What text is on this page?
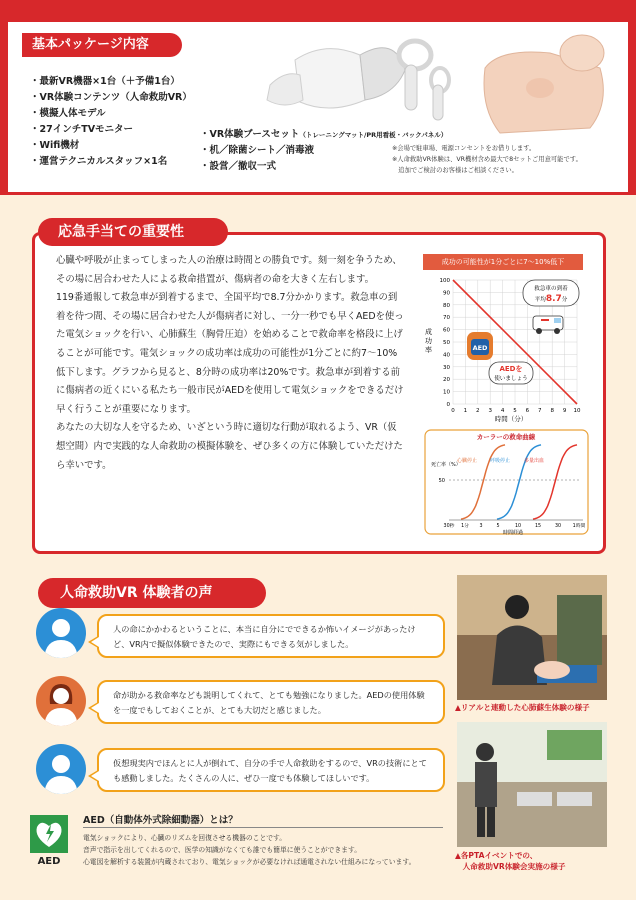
基本パッケージ内容
・最新VR機器×1台（＋予備1台）
・VR体験コンテンツ（人命救助VR）
・模擬人体モデル
・27インチTVモニター
・Wifi機材
・運営テクニカルスタッフ×1名
・VR体験ブースセット（トレーニングマット/PR用看板・バックパネル）
・机／除菌シート／消毒液
・設営／撤収一式
※会場で駐車場、電源コンセントをお借りします。
※人命救助VR体験は、VR機材含め最大で8セットご用意可能です。
　追加でご検討のお客様はご相談ください。
応急手当ての重要性

心臓や呼吸が止まってしまった人の治療は時間との勝負です。刻一刻を争うため、その場に居合わせた人による救命措置が、傷病者の命を大きく左右します。

119番通報して救急車が到着するまで、全国平均で8.7分かかります。救急車の到着を待つ間、その場に居合わせた人が傷病者に対し、一分一秒でも早くAEDを使った電気ショックを行い、心肺蘇生（胸骨圧迫）を始めることで救命率を格段に上げることが可能です。電気ショックの成功率は成功の可能性が1分ごとに約7～10%低下します。グラフから見ると、8分時の成功率は20%です。救急車が到着する前に傷病者の近くにいる私たち一般市民がAEDを使用して電気ショックをできるだけ早く行うことが重要になります。

あなたの大切な人を守るため、いざという時に適切な行動が取れるよう、VR（仮想空間）内で実践的な人命救助の模擬体験を、ぜひ多くの方に体験していただけたら幸いです。

成功の可能性が1分ごとに7～10%低下
0
10
20
30
40
50
60
70
80
90
100
0 1 2 3 4 5 6 7 8 9 10
成功率
時間（分）
救急車の到着
平均8.7分
AED
AEDを
使いましょう
カーラーの救命曲線
50
死亡率（%）
心臓停止	呼吸停止	多量出血
30秒 1分 3	5	10	15	30 1時間
時間経過
人命救助VR 体験者の声
人の命にかかわるということに、本当に自分にでできるか怖いイメージがあったけど、VR内で擬似体験できたので、実際にもできる気がしました。
命が助かる救命率なども説明してくれて、とても勉強になりました。AEDの使用体験を一度でもしておくことが、とても大切だと感じました。
仮想現実内でほんとに人が倒れて、自分の手で人命救助をするので、VRの技術にとても感動しました。たくさんの人に、ぜひ一度でも体験してほしいです。
▲リアルと連動した心肺蘇生体験の様子
▲各PTAイベントでの、
　人命救助VR体験会実施の様子
AED
AED（自動体外式除細動器）とは？
電気ショックにより、心臓のリズムを回復させる機器のことです。
音声で指示を出してくれるので、医学の知識がなくても誰でも簡単に使うことができます。
心電図を解析する装置が内蔵されており、電気ショックが必要なければ通電されない仕組みになっています。
